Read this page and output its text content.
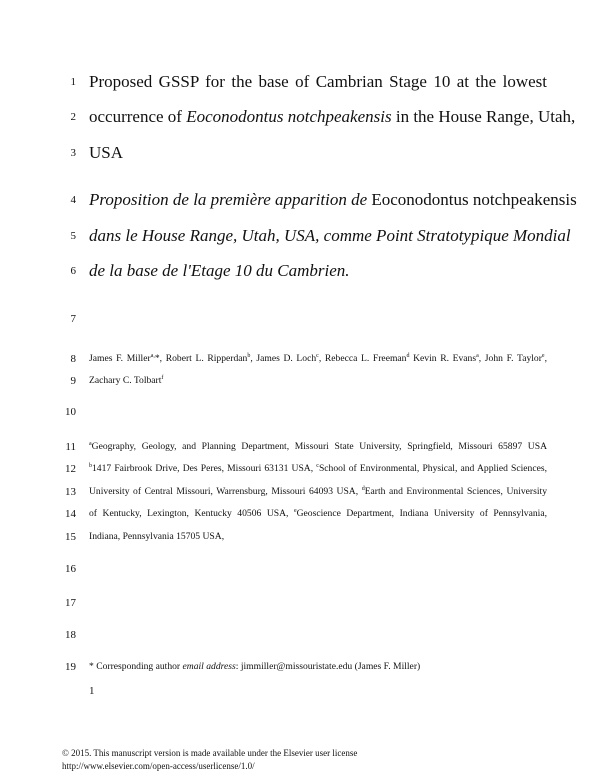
1
2
3
4
5
6
7
8
9
10
11
12
13
14
15
16
17
18
19
Proposed GSSP for the base of Cambrian Stage 10 at the lowest
occurrence of Eoconodontus notchpeakensis in the House Range, Utah,
USA
Proposition de la première apparition de Eoconodontus notchpeakensis
dans le House Range, Utah, USA, comme Point Stratotypique Mondial
de la base de l'Etage 10 du Cambrien.
James F. Miller$^{a,}$*, Robert L. Ripperdan$^b$, James D. Loch$^c$, Rebecca L. Freeman$^d$ Kevin R. Evans$^a$, John F. Taylor$^e$,
Zachary C. Tolbart$^f$
$^a$Geography, Geology, and Planning Department, Missouri State University, Springfield, Missouri 65897 USA
$^b$1417 Fairbrook Drive, Des Peres, Missouri 63131 USA, $^c$School of Environmental, Physical, and Applied Sciences,
University of Central Missouri, Warrensburg, Missouri 64093 USA, $^d$Earth and Environmental Sciences, University
of Kentucky, Lexington, Kentucky 40506 USA, $^e$Geoscience Department, Indiana University of Pennsylvania,
Indiana, Pennsylvania 15705 USA,
* Corresponding author email address: jimmiller@missouristate.edu (James F. Miller)
1
© 2015. This manuscript version is made available under the Elsevier user license
http://www.elsevier.com/open-access/userlicense/1.0/
